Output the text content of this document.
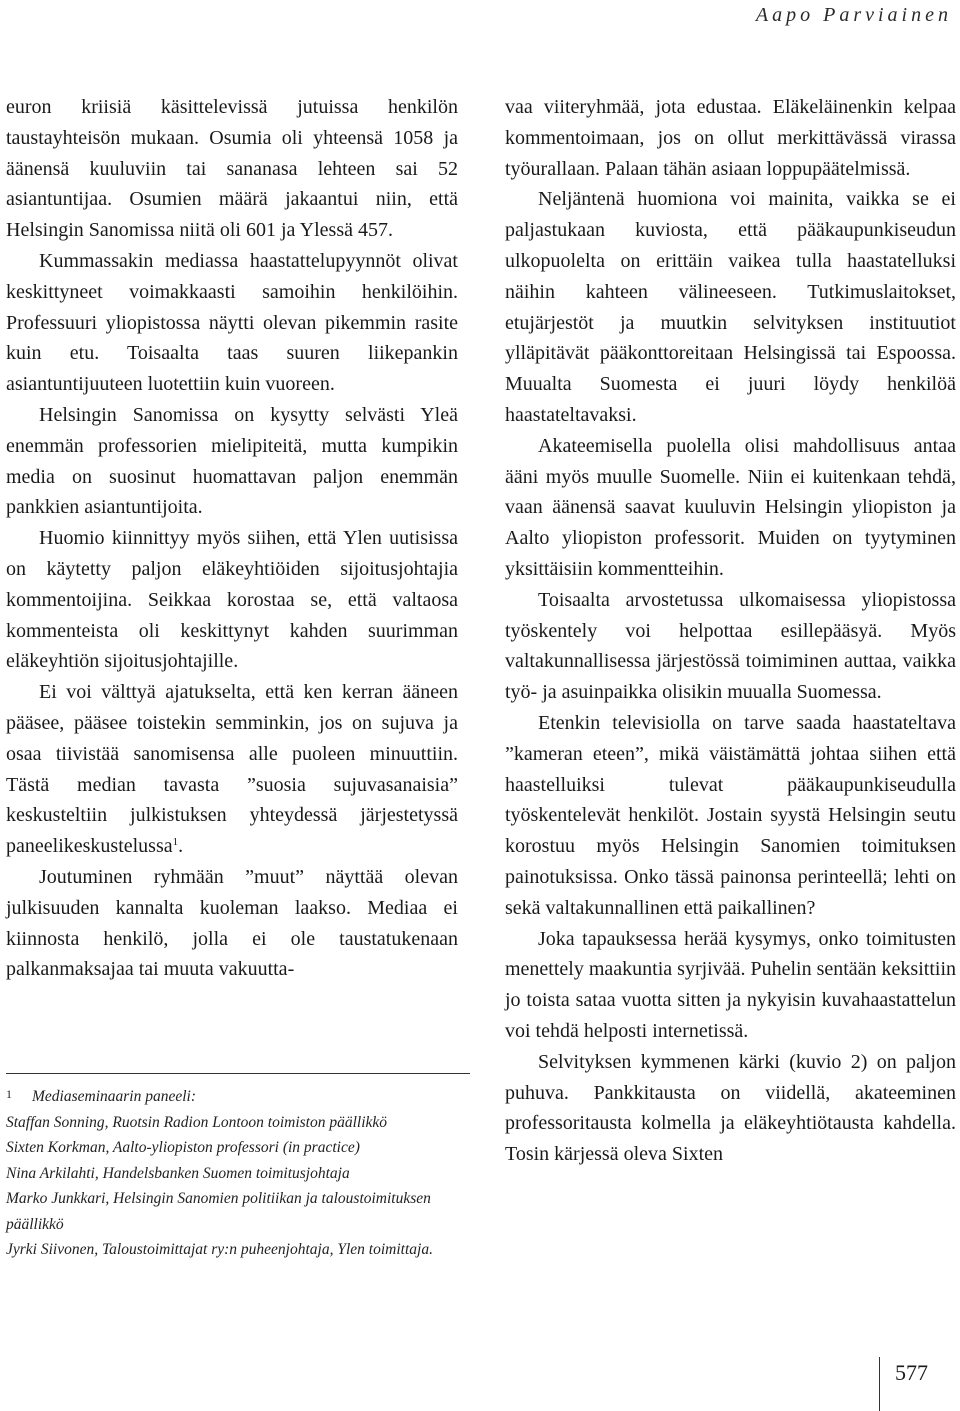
Aapo Parviainen

euron kriisiä käsittelevissä jutuissa henkilön taustayhteisön mukaan. Osumia oli yhteensä 1058 ja äänensä kuuluviin tai sananasa lehteen sai 52 asiantuntijaa. Osumien määrä jakaantui niin, että Helsingin Sanomissa niitä oli 601 ja Ylessä 457.

Kummassakin mediassa haastattelupyynnöt olivat keskittyneet voimakkaasti samoihin henkilöihin. Professuuri yliopistossa näytti olevan pikemmin rasite kuin etu. Toisaalta taas suuren liikepankin asiantuntijuuteen luotettiin kuin vuoreen.

Helsingin Sanomissa on kysytty selvästi Yleä enemmän professorien mielipiteitä, mutta kumpikin media on suosinut huomattavan paljon enemmän pankkien asiantuntijoita.

Huomio kiinnittyy myös siihen, että Ylen uutisissa on käytetty paljon eläkeyhtiöiden sijoitusjohtajia kommentoijina. Seikkaa korostaa se, että valtaosa kommenteista oli keskittynyt kahden suurimman eläkeyhtiön sijoitusjohtajille.

Ei voi välttyä ajatukselta, että ken kerran ääneen pääsee, pääsee toistekin semminkin, jos on sujuva ja osaa tiivistää sanomisensa alle puoleen minuuttiin. Tästä median tavasta ”suosia sujuvasanaisia” keskusteltiin julkistuksen yhteydessä järjestetyssä paneelikeskustelussa$^1$.

Joutuminen ryhmään ”muut” näyttää olevan julkisuuden kannalta kuoleman laakso. Mediaa ei kiinnosta henkilö, jolla ei ole taustatukenaan palkanmaksajaa tai muuta vakuutta-

vaa viiteryhmää, jota edustaa. Eläkeläinenkin kelpaa kommentoimaan, jos on ollut merkittävässä virassa työurallaan. Palaan tähän asiaan loppupäätelmissä.

Neljäntenä huomiona voi mainita, vaikka se ei paljastukaan kuviosta, että pääkaupunkiseudun ulkopuolelta on erittäin vaikea tulla haastatelluksi näihin kahteen välineeseen. Tutkimuslaitokset, etujärjestöt ja muutkin selvityksen instituutiot ylläpitävät pääkonttoreitaan Helsingissä tai Espoossa. Muualta Suomesta ei juuri löydy henkilöä haastateltavaksi.

Akateemisella puolella olisi mahdollisuus antaa ääni myös muulle Suomelle. Niin ei kuitenkaan tehdä, vaan äänensä saavat kuuluvin Helsingin yliopiston ja Aalto yliopiston professorit. Muiden on tyytyminen yksittäisiin kommentteihin.

Toisaalta arvostetussa ulkomaisessa yliopistossa työskentely voi helpottaa esillepääsyä. Myös valtakunnallisessa järjestössä toimiminen auttaa, vaikka työ- ja asuinpaikka olisikin muualla Suomessa.

Etenkin televisiolla on tarve saada haastateltava ”kameran eteen”, mikä väistämättä johtaa siihen että haastelluiksi tulevat pääkaupunkiseudulla työskentelevät henkilöt. Jostain syystä Helsingin seutu korostuu myös Helsingin Sanomien toimituksen painotuksissa. Onko tässä painonsa perinteellä; lehti on sekä valtakunnallinen että paikallinen?

Joka tapauksessa herää kysymys, onko toimitusten menettely maakuntia syrjivää. Puhelin sentään keksittiin jo toista sataa vuotta sitten ja nykyisin kuvahaastattelun voi tehdä helposti internetissä.

Selvityksen kymmenen kärki (kuvio 2) on paljon puhuva. Pankkitausta on viidellä, akateeminen professoritausta kolmella ja eläkeyhtiötausta kahdella. Tosin kärjessä oleva Sixten

1 Mediaseminaarin paneeli:
Staffan Sonning, Ruotsin Radion Lontoon toimiston päällikkö
Sixten Korkman, Aalto-yliopiston professori (in practice)
Nina Arkilahti, Handelsbanken Suomen toimitusjohtaja
Marko Junkkari, Helsingin Sanomien politiikan ja taloustoimituksen päällikkö
Jyrki Siivonen, Taloustoimittajat ry:n puheenjohtaja, Ylen toimittaja.
577
